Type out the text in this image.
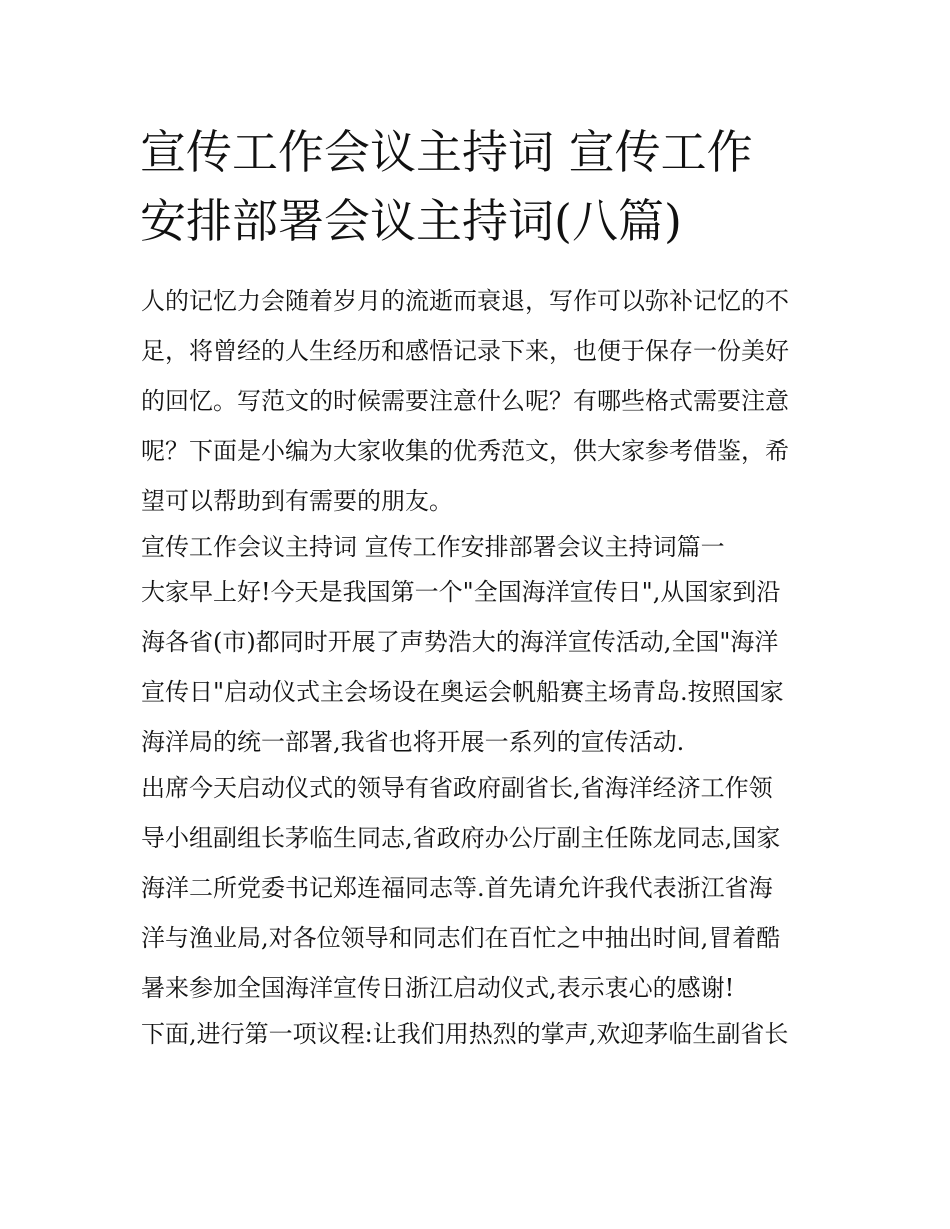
宣传工作会议主持词 宣传工作
安排部署会议主持词(八篇)
人的记忆力会随着岁月的流逝而衰退，写作可以弥补记忆的不
足，将曾经的人生经历和感悟记录下来，也便于保存一份美好
的回忆。写范文的时候需要注意什么呢？有哪些格式需要注意
呢？下面是小编为大家收集的优秀范文，供大家参考借鉴，希
望可以帮助到有需要的朋友。
宣传工作会议主持词 宣传工作安排部署会议主持词篇一
大家早上好!今天是我国第一个"全国海洋宣传日",从国家到沿
海各省(市)都同时开展了声势浩大的海洋宣传活动,全国"海洋
宣传日"启动仪式主会场设在奥运会帆船赛主场青岛.按照国家
海洋局的统一部署,我省也将开展一系列的宣传活动.
出席今天启动仪式的领导有省政府副省长,省海洋经济工作领
导小组副组长茅临生同志,省政府办公厅副主任陈龙同志,国家
海洋二所党委书记郑连福同志等.首先请允许我代表浙江省海
洋与渔业局,对各位领导和同志们在百忙之中抽出时间,冒着酷
暑来参加全国海洋宣传日浙江启动仪式,表示衷心的感谢!
下面,进行第一项议程:让我们用热烈的掌声,欢迎茅临生副省长
